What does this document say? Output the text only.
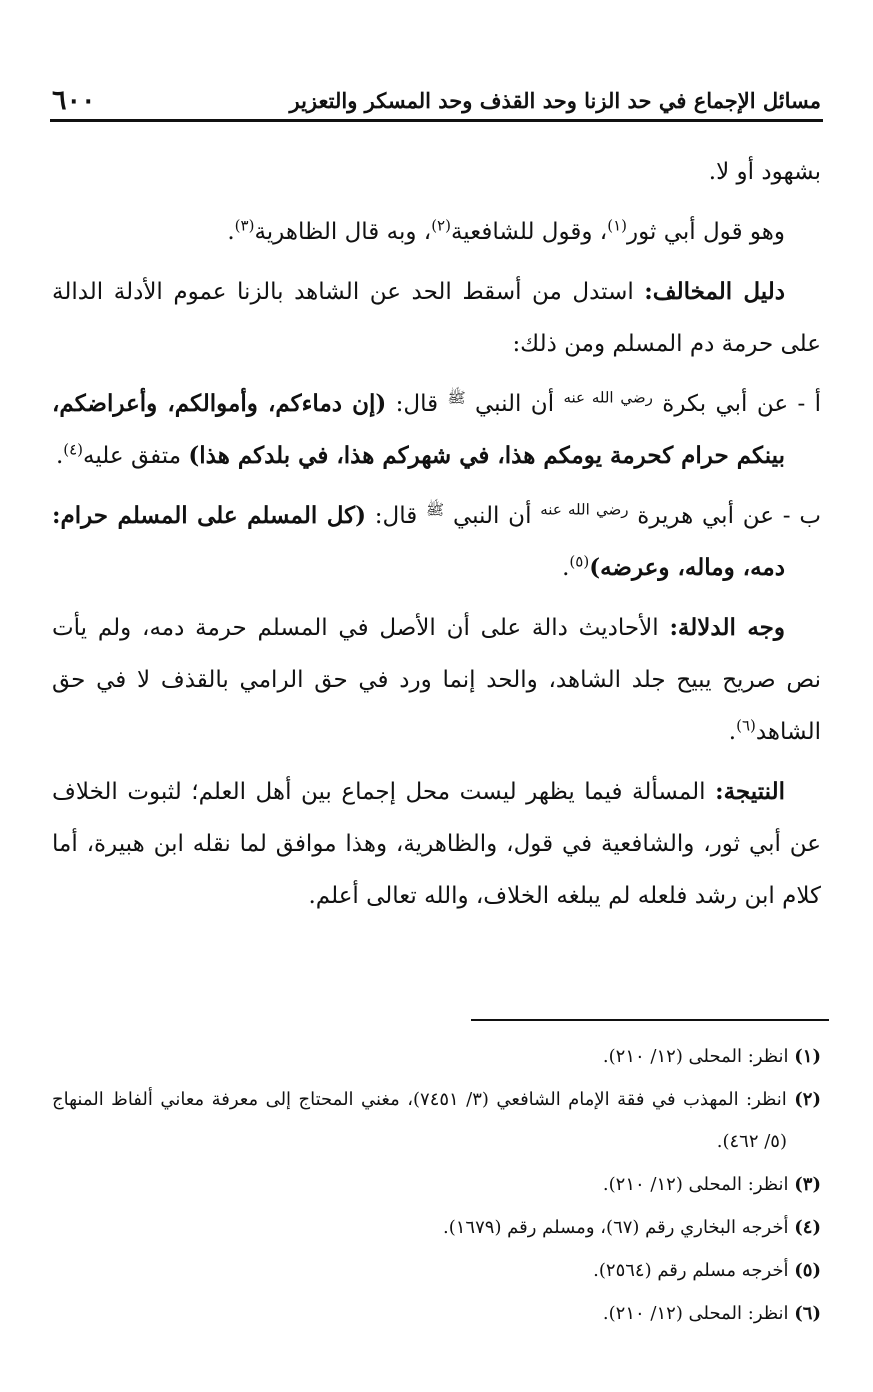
مسائل الإجماع في حد الزنا وحد القذف وحد المسكر والتعزير
٦٠٠

بشهود أو لا.

وهو قول أبي ثور$^{(١)}$، وقول للشافعية$^{(٢)}$، وبه قال الظاهرية$^{(٣)}$.

دليل المخالف: استدل من أسقط الحد عن الشاهد بالزنا عموم الأدلة الدالة على حرمة دم المسلم ومن ذلك:

أ - عن أبي بكرة $^{رضي الله عنه}$ أن النبي $^ﷺ$ قال: (إن دماءكم، وأموالكم، وأعراضكم، بينكم حرام كحرمة يومكم هذا، في شهركم هذا، في بلدكم هذا) متفق عليه$^{(٤)}$.

ب - عن أبي هريرة $^{رضي الله عنه}$ أن النبي $^ﷺ$ قال: (كل المسلم على المسلم حرام: دمه، وماله، وعرضه)$^{(٥)}$.

وجه الدلالة: الأحاديث دالة على أن الأصل في المسلم حرمة دمه، ولم يأت نص صريح يبيح جلد الشاهد، والحد إنما ورد في حق الرامي بالقذف لا في حق الشاهد$^{(٦)}$.

النتيجة: المسألة فيما يظهر ليست محل إجماع بين أهل العلم؛ لثبوت الخلاف عن أبي ثور، والشافعية في قول، والظاهرية، وهذا موافق لما نقله ابن هبيرة، أما كلام ابن رشد فلعله لم يبلغه الخلاف، والله تعالى أعلم.

(١) انظر: المحلى (١٢/ ٢١٠).

(٢) انظر: المهذب في فقة الإمام الشافعي (٣/ ٧٤٥١)، مغني المحتاج إلى معرفة معاني ألفاظ المنهاج (٥/ ٤٦٢).

(٣) انظر: المحلى (١٢/ ٢١٠).

(٤) أخرجه البخاري رقم (٦٧)، ومسلم رقم (١٦٧٩).

(٥) أخرجه مسلم رقم (٢٥٦٤).

(٦) انظر: المحلى (١٢/ ٢١٠).
